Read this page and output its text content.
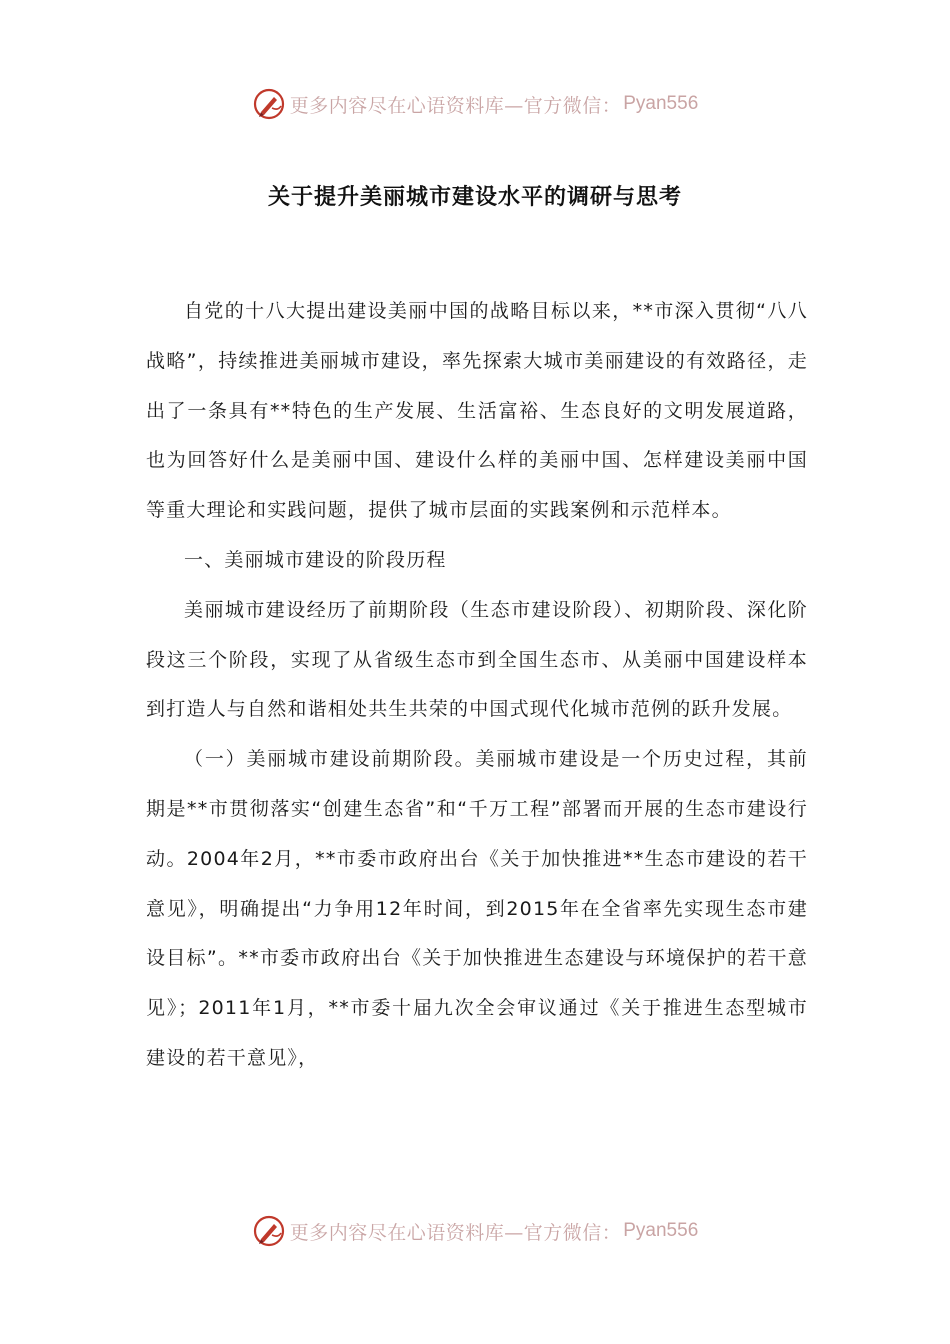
更多内容尽在心语资料库—官方微信： Pyan556
关于提升美丽城市建设水平的调研与思考

自党的十八大提出建设美丽中国的战略目标以来，**市深入贯彻“八八战略”，持续推进美丽城市建设，率先探索大城市美丽建设的有效路径，走出了一条具有**特色的生产发展、生活富裕、生态良好的文明发展道路，也为回答好什么是美丽中国、建设什么样的美丽中国、怎样建设美丽中国等重大理论和实践问题，提供了城市层面的实践案例和示范样本。

一、美丽城市建设的阶段历程

美丽城市建设经历了前期阶段（生态市建设阶段）、初期阶段、深化阶段这三个阶段，实现了从省级生态市到全国生态市、从美丽中国建设样本到打造人与自然和谐相处共生共荣的中国式现代化城市范例的跃升发展。

（一）美丽城市建设前期阶段。美丽城市建设是一个历史过程，其前期是**市贯彻落实“创建生态省”和“千万工程”部署而开展的生态市建设行动。2004年2月，**市委市政府出台《关于加快推进**生态市建设的若干意见》，明确提出“力争用12年时间，到2015年在全省率先实现生态市建设目标”。**市委市政府出台《关于加快推进生态建设与环境保护的若干意见》；2011年1月，**市委十届九次全会审议通过《关于推进生态型城市建设的若干意见》，

更多内容尽在心语资料库—官方微信： Pyan556
